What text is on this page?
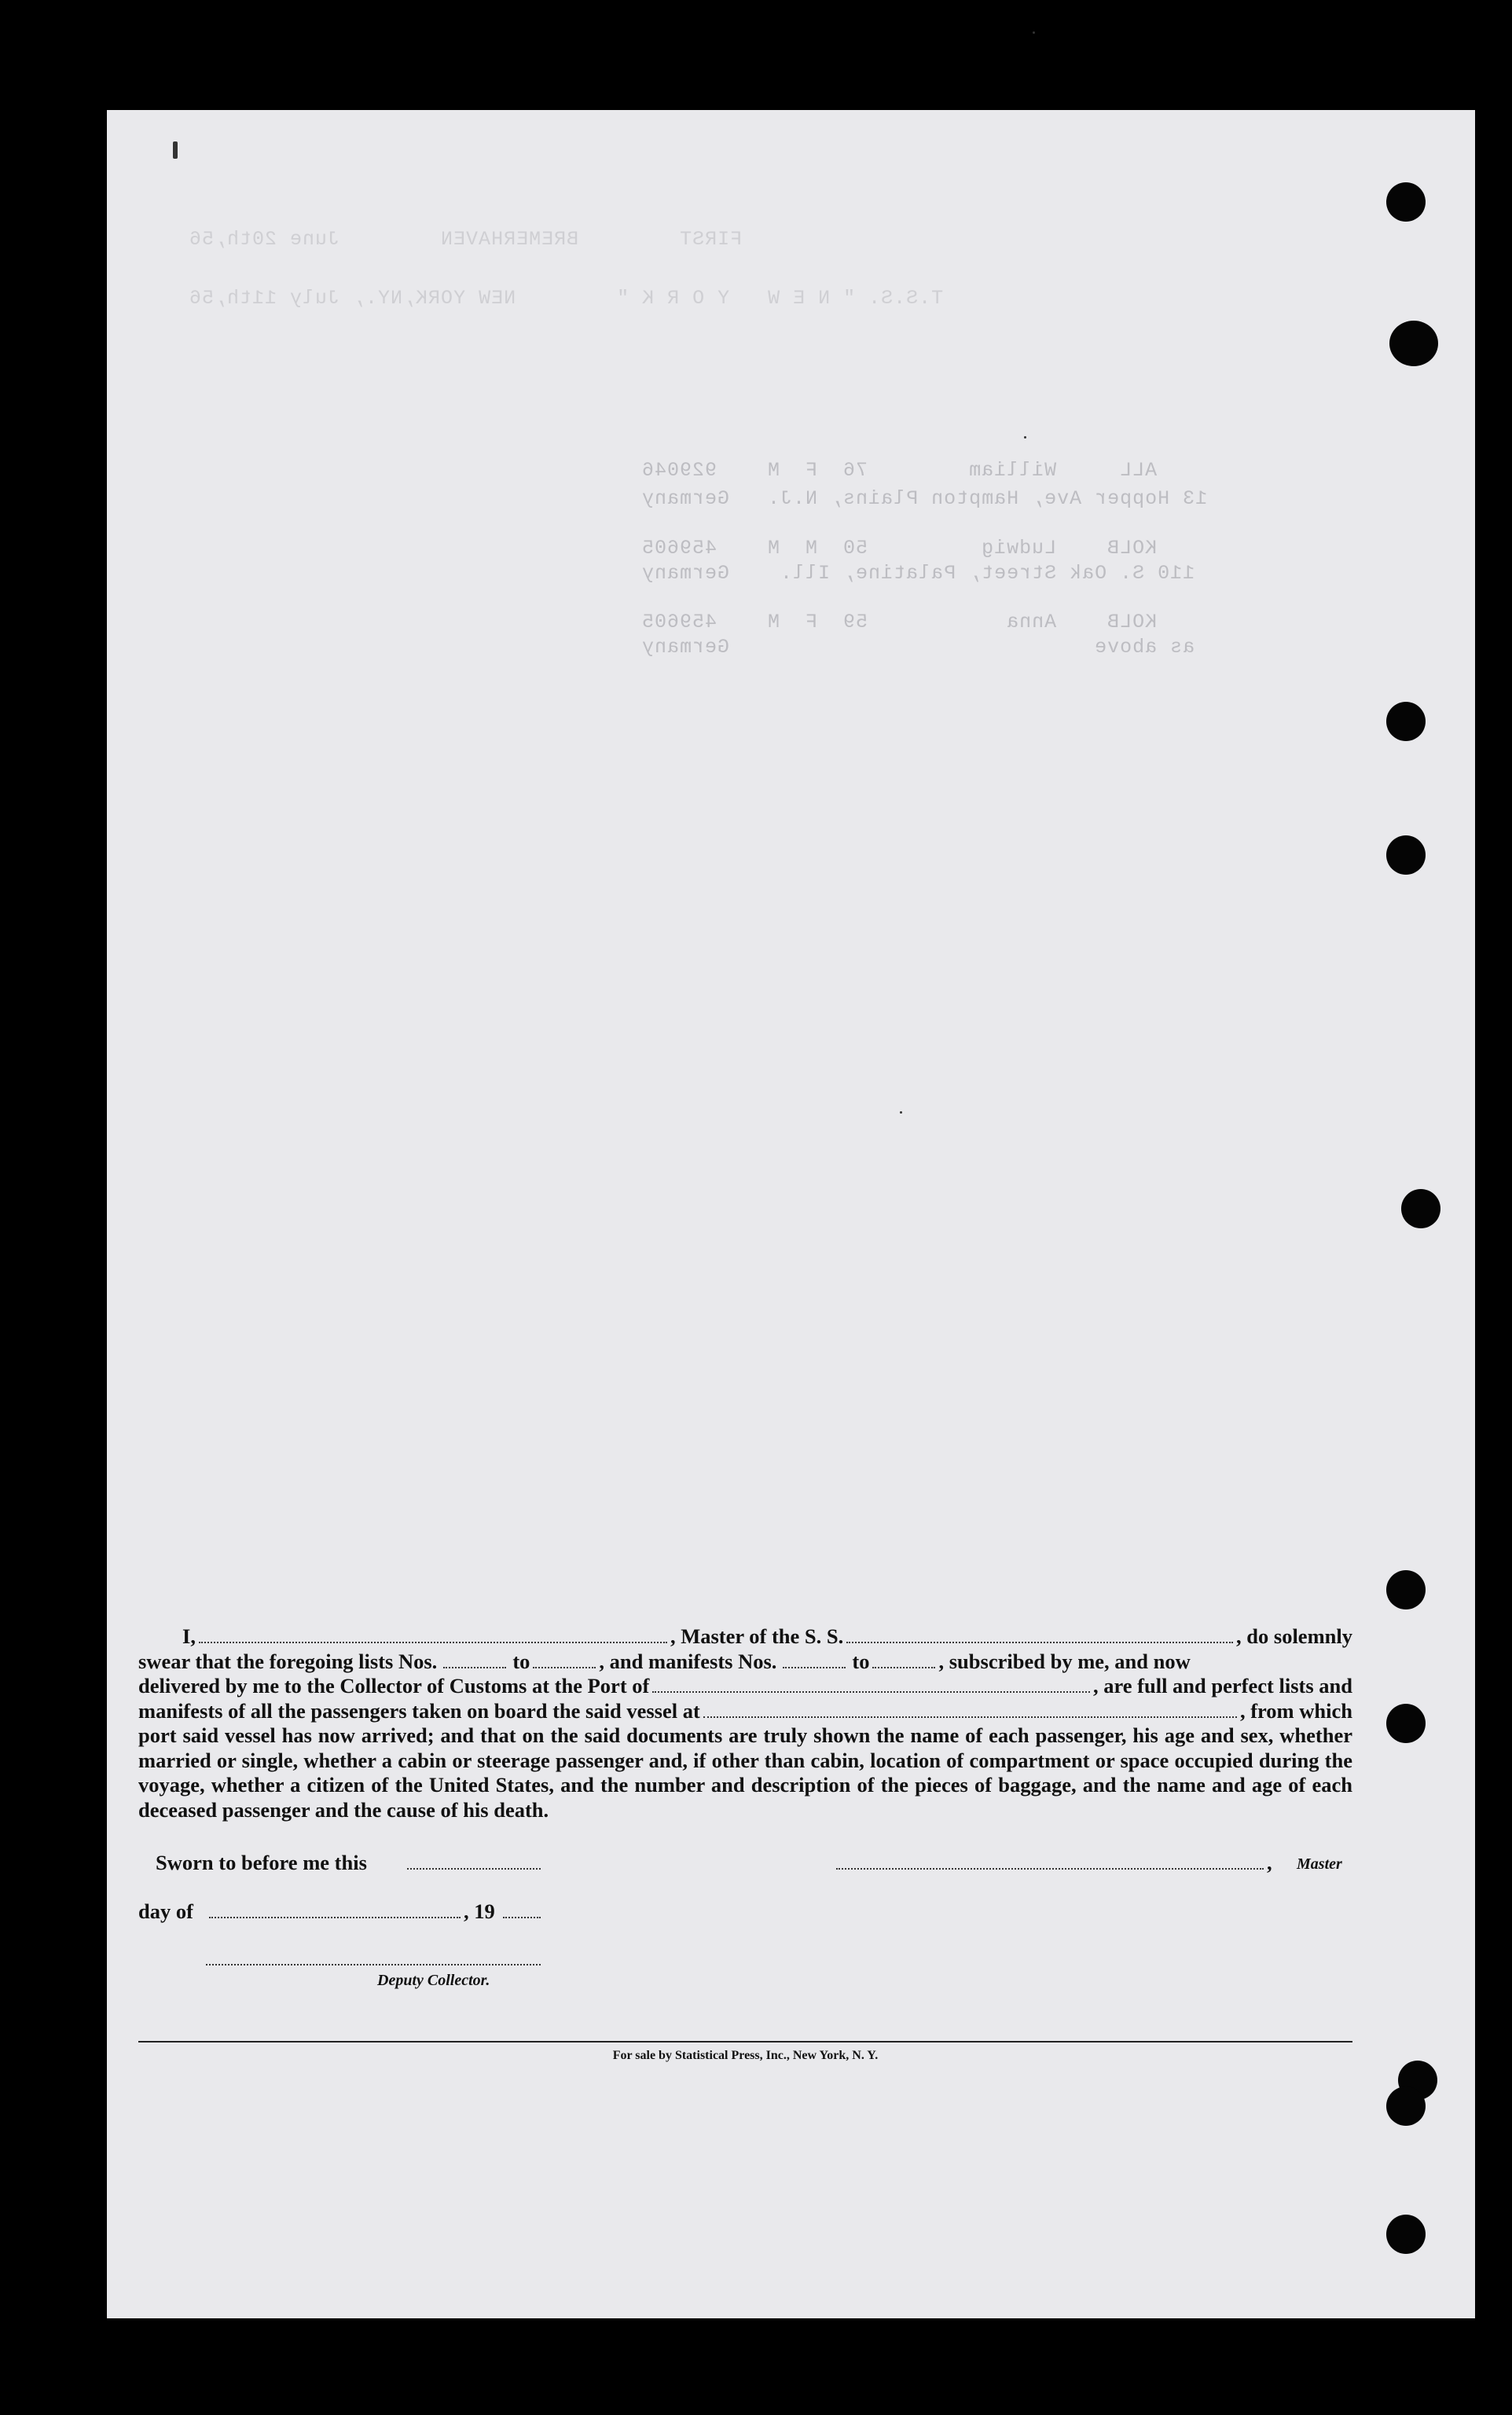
FIRST        BREMERHAVEN        June 20th,56
T.S.S. " N E W   Y O R K "        NEW YORK,NY., July 11th,56
ALL     William        76  F  M    929046
13 Hopper Ave, Hampton Plains, N.J.   Germany
KOLB    Ludwig         50  M  M    459605
110 S. Oak Street, Palatine, Ill.    Germany
KOLB    Anna           59  F  M    459605
as above                             Germany
I,	, Master of the S. S.	, do solemnly
swear that the foregoing lists Nos.	to	, and manifests Nos.	to	, subscribed by me, and now
delivered by me to the Collector of Customs at the Port of	, are full and perfect lists and
manifests of all the passengers taken on board the said vessel at	, from which
port said vessel has now arrived; and that on the said documents are truly shown the name of each passenger, his age and sex, whether married or single, whether a cabin or steerage passenger and, if other than cabin, location of compartment or space occupied during the voyage, whether a citizen of the United States, and the number and description of the pieces of baggage, and the name and age of each deceased passenger and the cause of his death.
Sworn to before me this	, Master
day of	, 19
Deputy Collector.
For sale by Statistical Press, Inc., New York, N. Y.
